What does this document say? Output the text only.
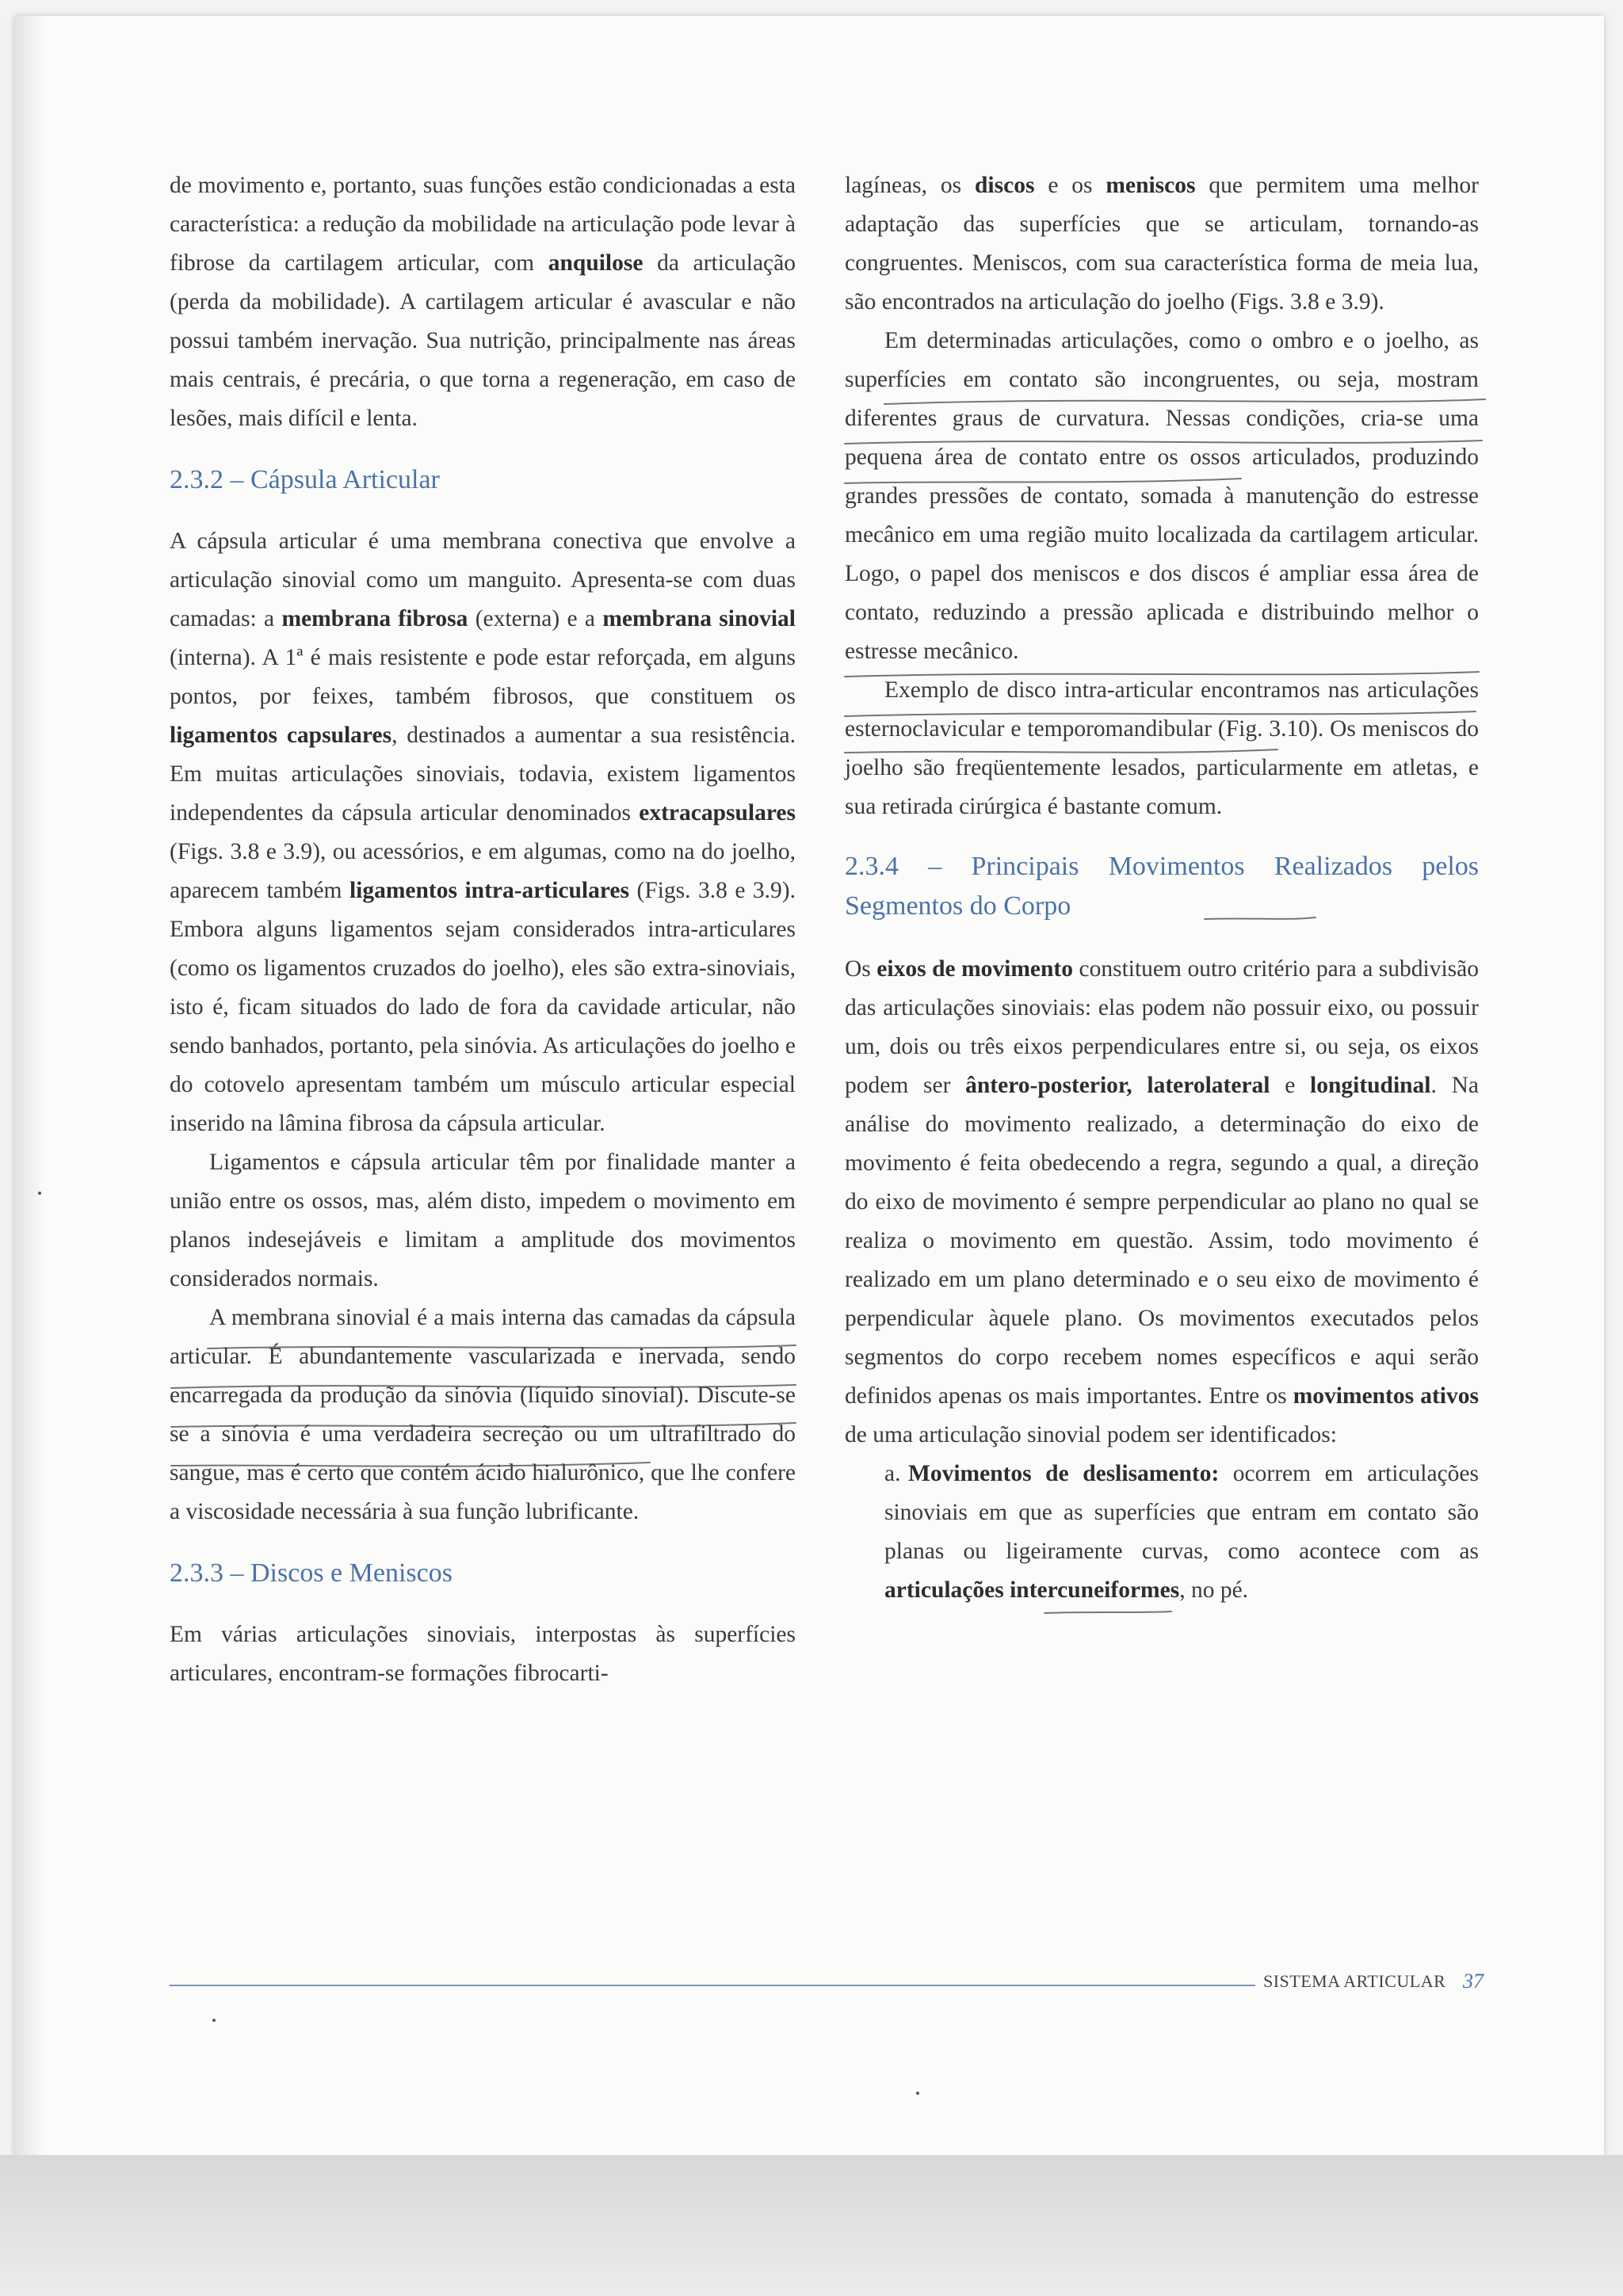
de movimento e, portanto, suas funções estão condicionadas a esta característica: a redução da mobilidade na articulação pode levar à fibrose da cartilagem articular, com anquilose da articulação (perda da mobilidade). A cartilagem articular é avascular e não possui também inervação. Sua nutrição, principalmente nas áreas mais centrais, é precária, o que torna a regeneração, em caso de lesões, mais difícil e lenta.

2.3.2 – Cápsula Articular

A cápsula articular é uma membrana conectiva que envolve a articulação sinovial como um manguito. Apresenta-se com duas camadas: a membrana fibrosa (externa) e a membrana sinovial (interna). A 1ª é mais resistente e pode estar reforçada, em alguns pontos, por feixes, também fibrosos, que constituem os ligamentos capsulares, destinados a aumentar a sua resistência. Em muitas articulações sinoviais, todavia, existem ligamentos independentes da cápsula articular denominados extracapsulares (Figs. 3.8 e 3.9), ou acessórios, e em algumas, como na do joelho, aparecem também ligamentos intra-articulares (Figs. 3.8 e 3.9). Embora alguns ligamentos sejam considerados intra-articulares (como os ligamentos cruzados do joelho), eles são extra-sinoviais, isto é, ficam situados do lado de fora da cavidade articular, não sendo banhados, portanto, pela sinóvia. As articulações do joelho e do cotovelo apresentam também um músculo articular especial inserido na lâmina fibrosa da cápsula articular.

Ligamentos e cápsula articular têm por finalidade manter a união entre os ossos, mas, além disto, impedem o movimento em planos indesejáveis e limitam a amplitude dos movimentos considerados normais.

A membrana sinovial é a mais interna das camadas da cápsula articular. É abundantemente vascularizada e inervada, sendo encarregada da produção da sinóvia (líquido sinovial). Discute-se se a sinóvia é uma verdadeira secreção ou um ultrafiltrado do sangue, mas é certo que contém ácido hialurônico, que lhe confere a viscosidade necessária à sua função lubrificante.

2.3.3 – Discos e Meniscos

Em várias articulações sinoviais, interpostas às superfícies articulares, encontram-se formações fibrocarti-

lagíneas, os discos e os meniscos que permitem uma melhor adaptação das superfícies que se articulam, tornando-as congruentes. Meniscos, com sua característica forma de meia lua, são encontrados na articulação do joelho (Figs. 3.8 e 3.9).

Em determinadas articulações, como o ombro e o joelho, as superfícies em contato são incongruentes, ou seja, mostram diferentes graus de curvatura. Nessas condições, cria-se uma pequena área de contato entre os ossos articulados, produzindo grandes pressões de contato, somada à manutenção do estresse mecânico em uma região muito localizada da cartilagem articular. Logo, o papel dos meniscos e dos discos é ampliar essa área de contato, reduzindo a pressão aplicada e distribuindo melhor o estresse mecânico.

Exemplo de disco intra-articular encontramos nas articulações esternoclavicular e temporomandibular (Fig. 3.10). Os meniscos do joelho são freqüentemente lesados, particularmente em atletas, e sua retirada cirúrgica é bastante comum.

2.3.4 – Principais Movimentos Realizados pelos Segmentos do Corpo

Os eixos de movimento constituem outro critério para a subdivisão das articulações sinoviais: elas podem não possuir eixo, ou possuir um, dois ou três eixos perpendiculares entre si, ou seja, os eixos podem ser ântero-posterior, laterolateral e longitudinal. Na análise do movimento realizado, a determinação do eixo de movimento é feita obedecendo a regra, segundo a qual, a direção do eixo de movimento é sempre perpendicular ao plano no qual se realiza o movimento em questão. Assim, todo movimento é realizado em um plano determinado e o seu eixo de movimento é perpendicular àquele plano. Os movimentos executados pelos segmentos do corpo recebem nomes específicos e aqui serão definidos apenas os mais importantes. Entre os movimentos ativos de uma articulação sinovial podem ser identificados:

a. Movimentos de deslisamento: ocorrem em articulações sinoviais em que as superfícies que entram em contato são planas ou ligeiramente curvas, como acontece com as articulações intercuneiformes, no pé.

SISTEMA ARTICULAR 37
